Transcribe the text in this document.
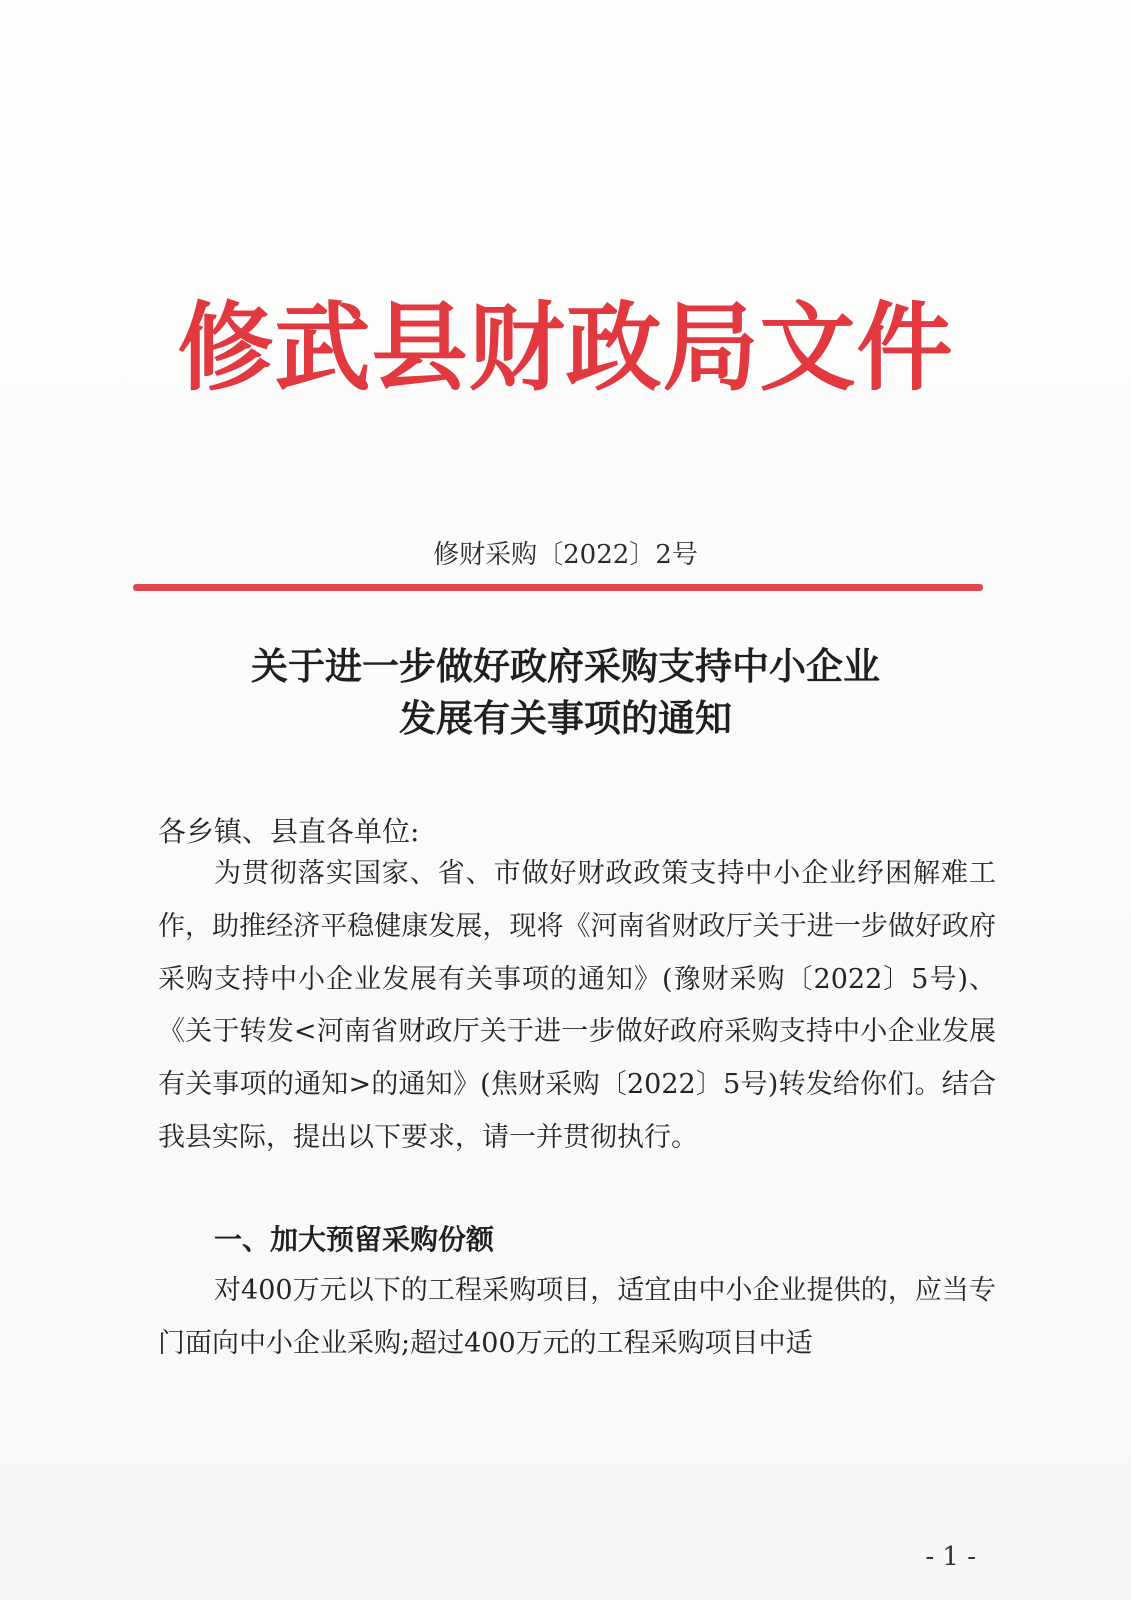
修武县财政局文件
修财采购〔2022〕2号
关于进一步做好政府采购支持中小企业
发展有关事项的通知
各乡镇、县直各单位:
为贯彻落实国家、省、市做好财政政策支持中小企业纾困解难工作，助推经济平稳健康发展，现将《河南省财政厅关于进一步做好政府采购支持中小企业发展有关事项的通知》(豫财采购〔2022〕5号)、《关于转发<河南省财政厅关于进一步做好政府采购支持中小企业发展有关事项的通知>的通知》(焦财采购〔2022〕5号)转发给你们。结合我县实际，提出以下要求，请一并贯彻执行。
一、加大预留采购份额
对400万元以下的工程采购项目，适宜由中小企业提供的，应当专门面向中小企业采购;超过400万元的工程采购项目中适
- 1 -
